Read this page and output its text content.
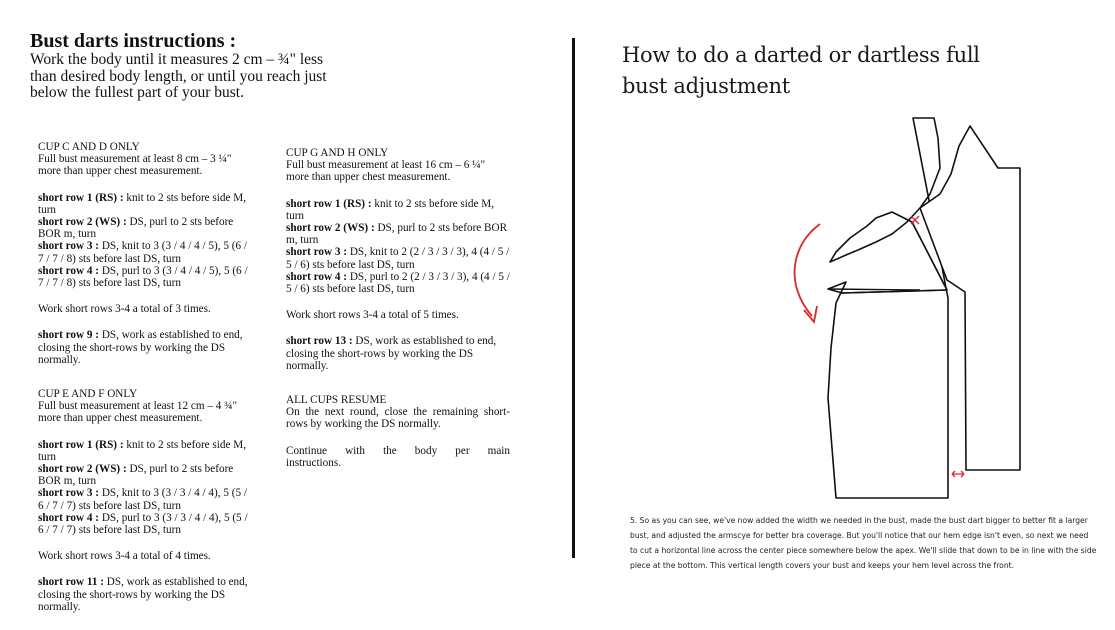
Bust darts instructions :

Work the body until it measures 2 cm – ¾" less than desired body length, or until you reach just below the fullest part of your bust.

CUP C AND D ONLY

Full bust measurement at least 8 cm – 3 ¼" more than upper chest measurement.

short row 1 (RS) : knit to 2 sts before side M, turn

short row 2 (WS) : DS, purl to 2 sts before BOR m, turn

short row 3 : DS, knit to 3 (3 / 4 / 4 / 5), 5 (6 / 7 / 7 / 8) sts before last DS, turn

short row 4 : DS, purl to 3 (3 / 4 / 4 / 5), 5 (6 / 7 / 7 / 8) sts before last DS, turn

Work short rows 3-4 a total of 3 times.

short row 9 : DS, work as established to end, closing the short-rows by working the DS normally.

CUP E AND F ONLY

Full bust measurement at least 12 cm – 4 ¾" more than upper chest measurement.

short row 1 (RS) : knit to 2 sts before side M, turn

short row 2 (WS) : DS, purl to 2 sts before BOR m, turn

short row 3 : DS, knit to 3 (3 / 3 / 4 / 4), 5 (5 / 6 / 7 / 7) sts before last DS, turn

short row 4 : DS, purl to 3 (3 / 3 / 4 / 4), 5 (5 / 6 / 7 / 7) sts before last DS, turn

Work short rows 3-4 a total of 4 times.

short row 11 : DS, work as established to end, closing the short-rows by working the DS normally.

CUP G AND H ONLY

Full bust measurement at least 16 cm – 6 ¼" more than upper chest measurement.

short row 1 (RS) : knit to 2 sts before side M, turn

short row 2 (WS) : DS, purl to 2 sts before BOR m, turn

short row 3 : DS, knit to 2 (2 / 3 / 3 / 3), 4 (4 / 5 / 5 / 6) sts before last DS, turn

short row 4 : DS, purl to 2 (2 / 3 / 3 / 3), 4 (4 / 5 / 5 / 6) sts before last DS, turn

Work short rows 3-4 a total of 5 times.

short row 13 : DS, work as established to end, closing the short-rows by working the DS normally.

ALL CUPS RESUME

On the next round, close the remaining short-rows by working the DS normally.

Continue with the body per main instructions.

How to do a darted or dartless full bust adjustment

5. So as you can see, we've now added the width we needed in the bust, made the bust dart bigger to better fit a larger bust, and adjusted the armscye for better bra coverage. But you'll notice that our hem edge isn't even, so next we need to cut a horizontal line across the center piece somewhere below the apex. We'll slide that down to be in line with the side piece at the bottom. This vertical length covers your bust and keeps your hem level across the front.
